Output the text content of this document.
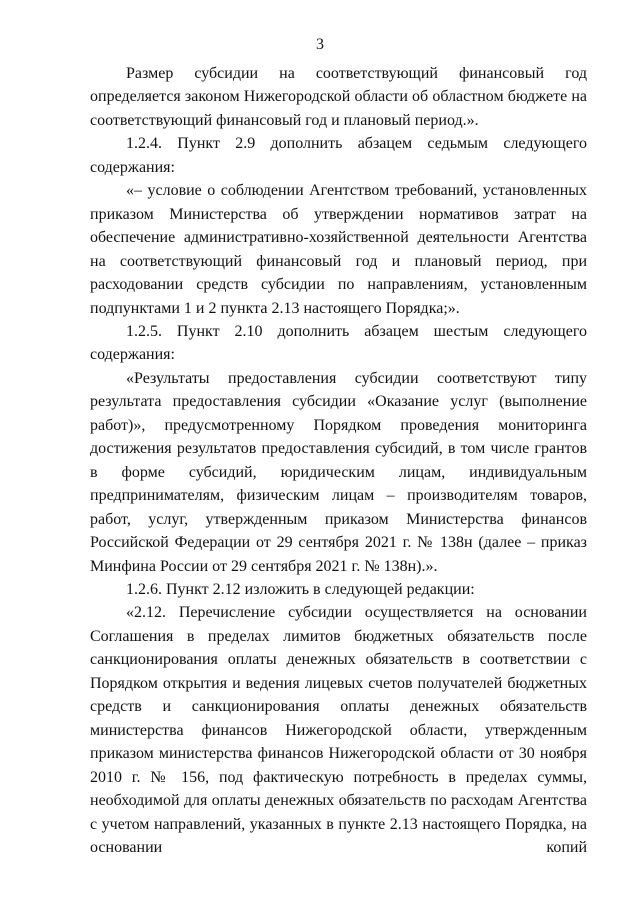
3

Размер субсидии на соответствующий финансовый год определяется законом Нижегородской области об областном бюджете на соответствующий финансовый год и плановый период.».

1.2.4. Пункт 2.9 дополнить абзацем седьмым следующего содержания:

«– условие о соблюдении Агентством требований, установленных приказом Министерства об утверждении нормативов затрат на обеспечение административно-хозяйственной деятельности Агентства на соответствующий финансовый год и плановый период, при расходовании средств субсидии по направлениям, установленным подпунктами 1 и 2 пункта 2.13 настоящего Порядка;».

1.2.5. Пункт 2.10 дополнить абзацем шестым следующего содержания:

«Результаты предоставления субсидии соответствуют типу результата предоставления субсидии «Оказание услуг (выполнение работ)», предусмотренному Порядком проведения мониторинга достижения результатов предоставления субсидий, в том числе грантов в форме субсидий, юридическим лицам, индивидуальным предпринимателям, физическим лицам – производителям товаров, работ, услуг, утвержденным приказом Министерства финансов Российской Федерации от 29 сентября 2021 г. № 138н (далее – приказ Минфина России от 29 сентября 2021 г. № 138н).».

1.2.6. Пункт 2.12 изложить в следующей редакции:

«2.12. Перечисление субсидии осуществляется на основании Соглашения в пределах лимитов бюджетных обязательств после санкционирования оплаты денежных обязательств в соответствии с Порядком открытия и ведения лицевых счетов получателей бюджетных средств и санкционирования оплаты денежных обязательств министерства финансов Нижегородской области, утвержденным приказом министерства финансов Нижегородской области от 30 ноября 2010 г. № 156, под фактическую потребность в пределах суммы, необходимой для оплаты денежных обязательств по расходам Агентства с учетом направлений, указанных в пункте 2.13 настоящего Порядка, на основании копий
